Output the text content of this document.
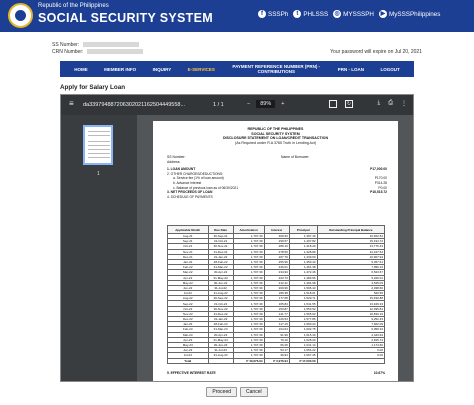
Republic of the Philippines
SOCIAL SECURITY SYSTEM	f SSSPh	t PHLSSS ◎ MYSSSPH ▶ MySSSPhilippines
SS Number:
CRN Number:	Your password will expire on Jul 20, 2021
HOME	MEMBER INFO	INQUIRY	E-SERVICES	PAYMENT REFERENCE NUMBER (PRN) - CONTRIBUTIONS	PRN - LOAN	LOGOUT
Apply for Salary Loan
≡ da339794887206302021162504449558...	1 / 1	−	89%	+	↻	⤓ ⎙ ⋮
1
REPUBLIC OF THE PHILIPPINES
SOCIAL SECURITY SYSTEM
DISCLOSURE STATEMENT ON LOAN/CREDIT TRANSACTION
(As Required under R.A 3765 Truth in Lending Act)
SS Number:	Name of Borrower:
Address:
1. LOAN AMOUNT	P17,000.00
2. OTHER CHARGES/DEDUCTIONS:
a. Service fee (1% of loan amount)	P170.00
b. Advance Interest	P314.28
c. Balance of previous loan as of 06/30/2021	P0.00
3. NET PROCEEDS OF LOAN	P16,515.72
4. SCHEDULE OF PAYMENTS
Applicable Month	Due Date	Amortization	Interest	Principal	Outstanding Principal Balance
Aug-21	30-Sep-21	1,707.39	309.93	1,397.46	16,602.54
Sep-21	31-Oct-21	1,707.39	299.57	1,407.82	15,194.72
Oct-21	30-Nov-21	1,707.39	289.10	1,418.29	13,776.43
Nov-21	31-Dec-21	1,707.39	278.50	1,428.89	12,347.54
Dec-21	31-Jan-22	1,707.39	267.79	1,439.60	10,907.94
Jan-22	28-Feb-22	1,707.39	256.96	1,450.43	9,457.51
Feb-22	31-Mar-22	1,707.39	246.01	1,461.38	7,996.13
Mar-22	30-Apr-22	1,707.39	234.93	1,472.46	6,523.67
Apr-22	31-May-22	1,707.39	223.73	1,483.66	5,040.01
May-22	30-Jun-22	1,707.39	212.41	1,494.98	3,545.03
Jun-22	31-Jul-22	1,707.39	200.96	1,506.43	2,038.60
Jul-22	31-Aug-22	1,707.39	189.38	1,518.01	520.59
Aug-22	30-Sep-22	1,707.39	177.68	1,529.71	15,490.88
Sep-22	31-Oct-22	1,707.39	165.84	1,541.55	13,949.33
Oct-22	30-Nov-22	1,707.39	153.87	1,553.52	12,395.81
Nov-22	31-Dec-22	1,707.39	141.77	1,565.62	10,830.19
Dec-22	31-Jan-23	1,707.39	129.53	1,577.86	9,252.33
Jan-23	28-Feb-23	1,707.39	117.15	1,590.24	7,662.09
Feb-23	31-Mar-23	1,707.39	104.64	1,602.75	6,059.34
Mar-23	30-Apr-23	1,707.39	91.99	1,615.40	4,443.94
Apr-23	31-May-23	1,707.39	79.19	1,628.20	2,815.74
May-23	30-Jun-23	1,707.39	66.25	1,641.14	1,174.60
Jun-23	31-Jul-23	1,707.39	53.17	1,654.22	0.00
Jul-23	31-Aug-23	1,707.39	39.94	1,667.45	0.00
Total		P 40,976.94	P 3,976.94	P 17,000.00	
5. EFFECTIVE INTEREST RATE	10.67%
Proceed	Cancel
